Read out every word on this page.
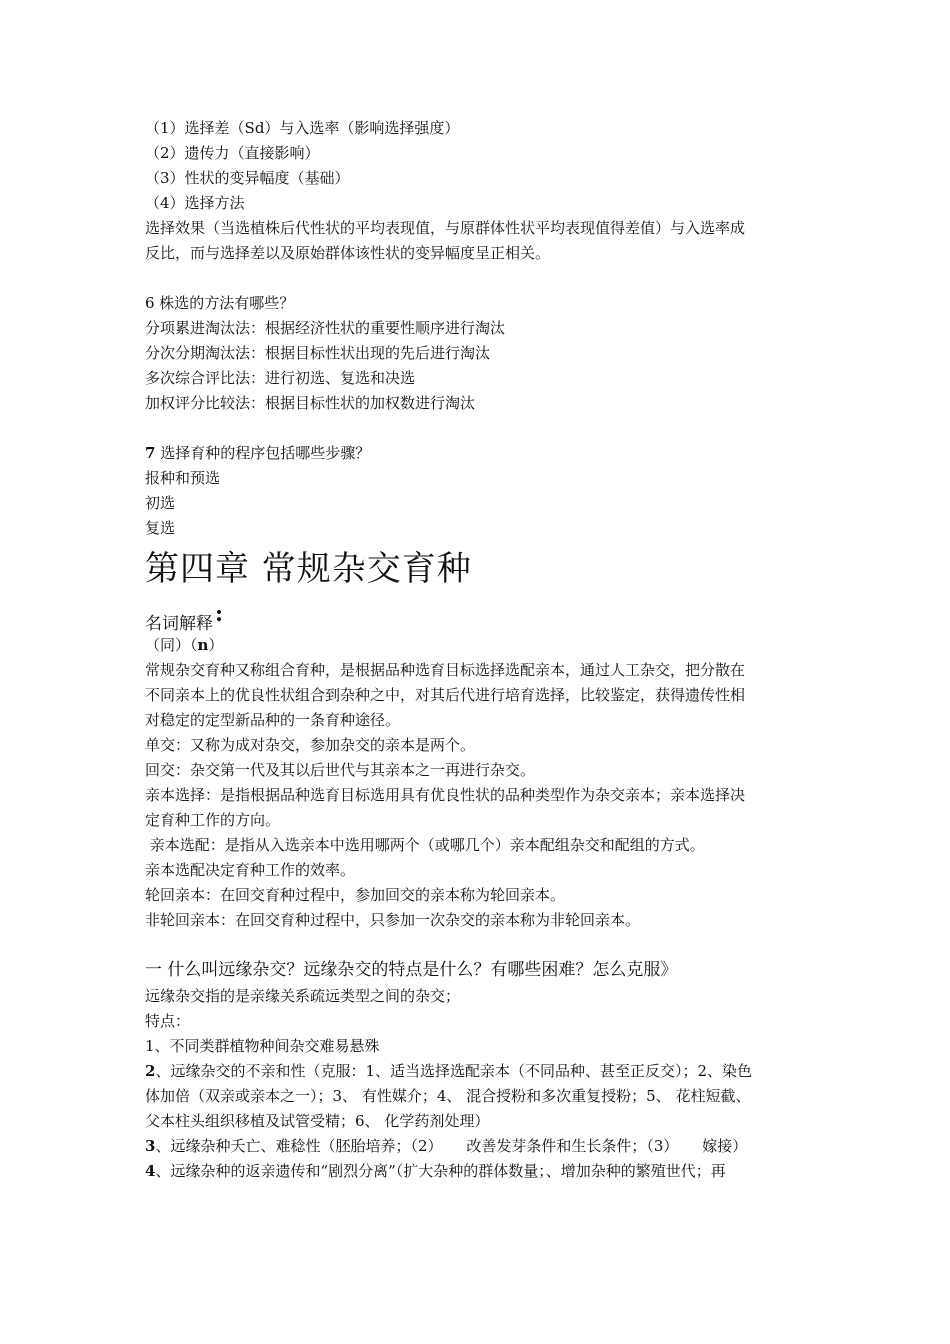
（1）选择差（Sd）与入选率（影响选择强度）
（2）遗传力（直接影响）
（3）性状的变异幅度（基础）
（4）选择方法
选择效果（当选植株后代性状的平均表现值，与原群体性状平均表现值得差值）与入选率成
反比，而与选择差以及原始群体该性状的变异幅度呈正相关。
6 株选的方法有哪些？
分项累进淘汰法：根据经济性状的重要性顺序进行淘汰
分次分期淘汰法：根据目标性状出现的先后进行淘汰
多次综合评比法：进行初选、复选和决选
加权评分比较法：根据目标性状的加权数进行淘汰
7 选择育种的程序包括哪些步骤？
报种和预选
初选
复选
第四章 常规杂交育种
名词解释:
（同）（n）
常规杂交育种又称组合育种，是根据品种选育目标选择选配亲本，通过人工杂交，把分散在
不同亲本上的优良性状组合到杂种之中，对其后代进行培育选择，比较鉴定，获得遗传性相
对稳定的定型新品种的一条育种途径。
单交：又称为成对杂交，参加杂交的亲本是两个。
回交：杂交第一代及其以后世代与其亲本之一再进行杂交。
亲本选择：是指根据品种选育目标选用具有优良性状的品种类型作为杂交亲本；亲本选择决
定育种工作的方向。
亲本选配：是指从入选亲本中选用哪两个（或哪几个）亲本配组杂交和配组的方式。
亲本选配决定育种工作的效率。
轮回亲本：在回交育种过程中，参加回交的亲本称为轮回亲本。
非轮回亲本：在回交育种过程中，只参加一次杂交的亲本称为非轮回亲本。
一 什么叫远缘杂交？远缘杂交的特点是什么？有哪些困难？怎么克服》
远缘杂交指的是亲缘关系疏远类型之间的杂交；
特点：
1、不同类群植物种间杂交难易悬殊
2、远缘杂交的不亲和性（克服：1、适当选择选配亲本（不同品种、甚至正反交）；2、染色
体加倍（双亲或亲本之一）；3、 有性媒介；4、 混合授粉和多次重复授粉；5、 花柱短截、
父本柱头组织移植及试管受精；6、 化学药剂处理）
3、远缘杂种夭亡、难稔性（胚胎培养；（2）     改善发芽条件和生长条件；（3）     嫁接）
4、远缘杂种的返亲遗传和“剧烈分离”（扩大杂种的群体数量；、增加杂种的繁殖世代；再
